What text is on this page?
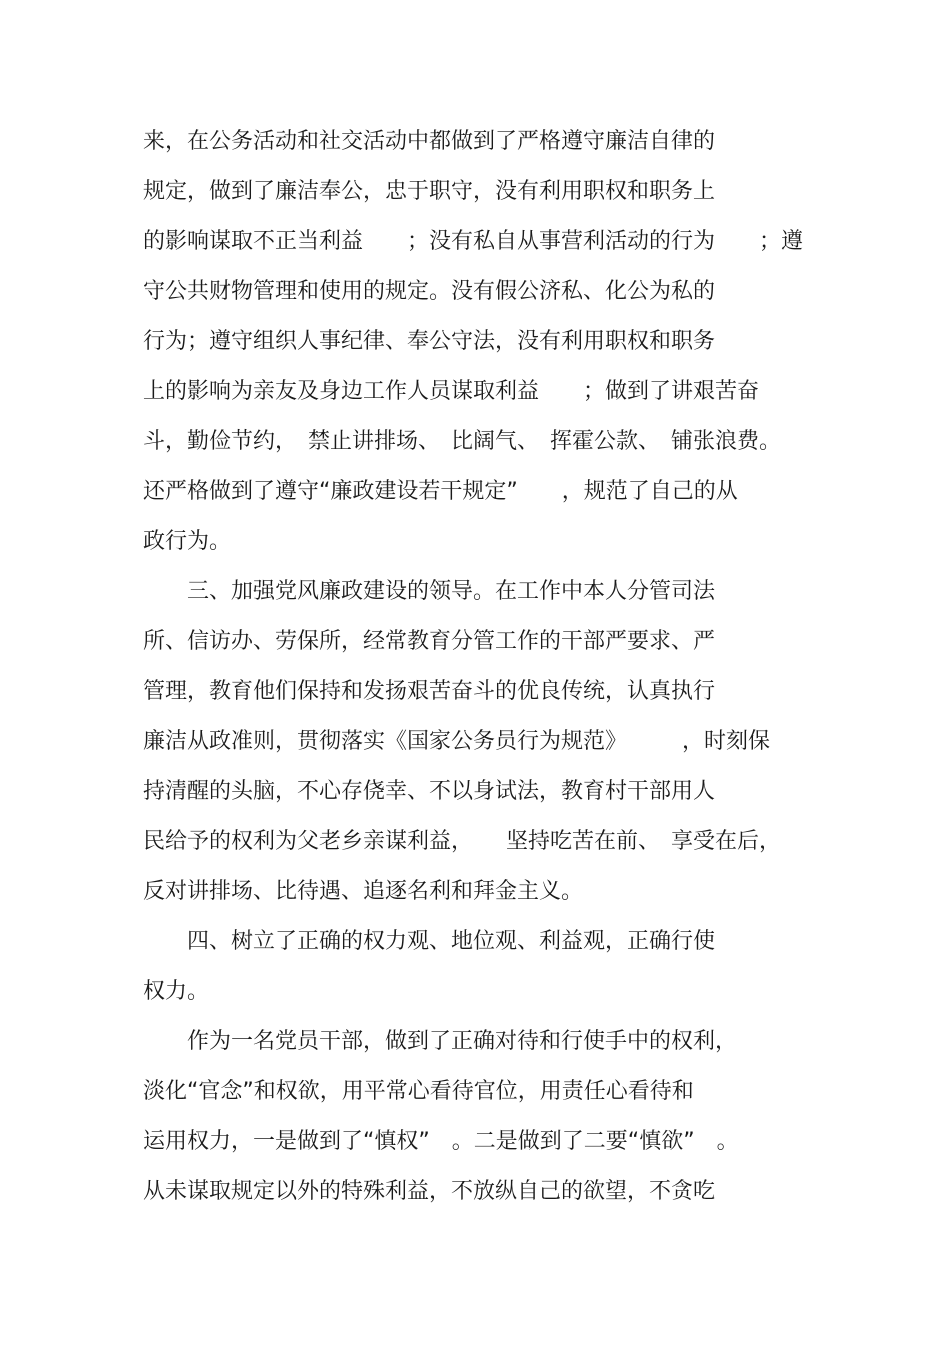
来，在公务活动和社交活动中都做到了严格遵守廉洁自律的
规定，做到了廉洁奉公，忠于职守，没有利用职权和职务上
的影响谋取不正当利益　　；没有私自从事营利活动的行为　　；遵
守公共财物管理和使用的规定。没有假公济私、化公为私的
行为；遵守组织人事纪律、奉公守法，没有利用职权和职务
上的影响为亲友及身边工作人员谋取利益　　；做到了讲艰苦奋
斗，勤俭节约，　禁止讲排场、　比阔气、　挥霍公款、　铺张浪费。
还严格做到了遵守“廉政建设若干规定”　　，规范了自己的从
政行为。
　　三、加强党风廉政建设的领导。在工作中本人分管司法
所、信访办、劳保所，经常教育分管工作的干部严要求、严
管理，教育他们保持和发扬艰苦奋斗的优良传统，认真执行
廉洁从政准则，贯彻落实《国家公务员行为规范》　　　，时刻保
持清醒的头脑，不心存侥幸、不以身试法，教育村干部用人
民给予的权利为父老乡亲谋利益，　　坚持吃苦在前、　享受在后，
反对讲排场、比待遇、追逐名利和拜金主义。
　　四、树立了正确的权力观、地位观、利益观，正确行使
权力。
　　作为一名党员干部，做到了正确对待和行使手中的权利，
淡化“官念”和权欲，用平常心看待官位，用责任心看待和
运用权力，一是做到了“慎权”　。二是做到了二要“慎欲”　。
从未谋取规定以外的特殊利益，不放纵自己的欲望，不贪吃
